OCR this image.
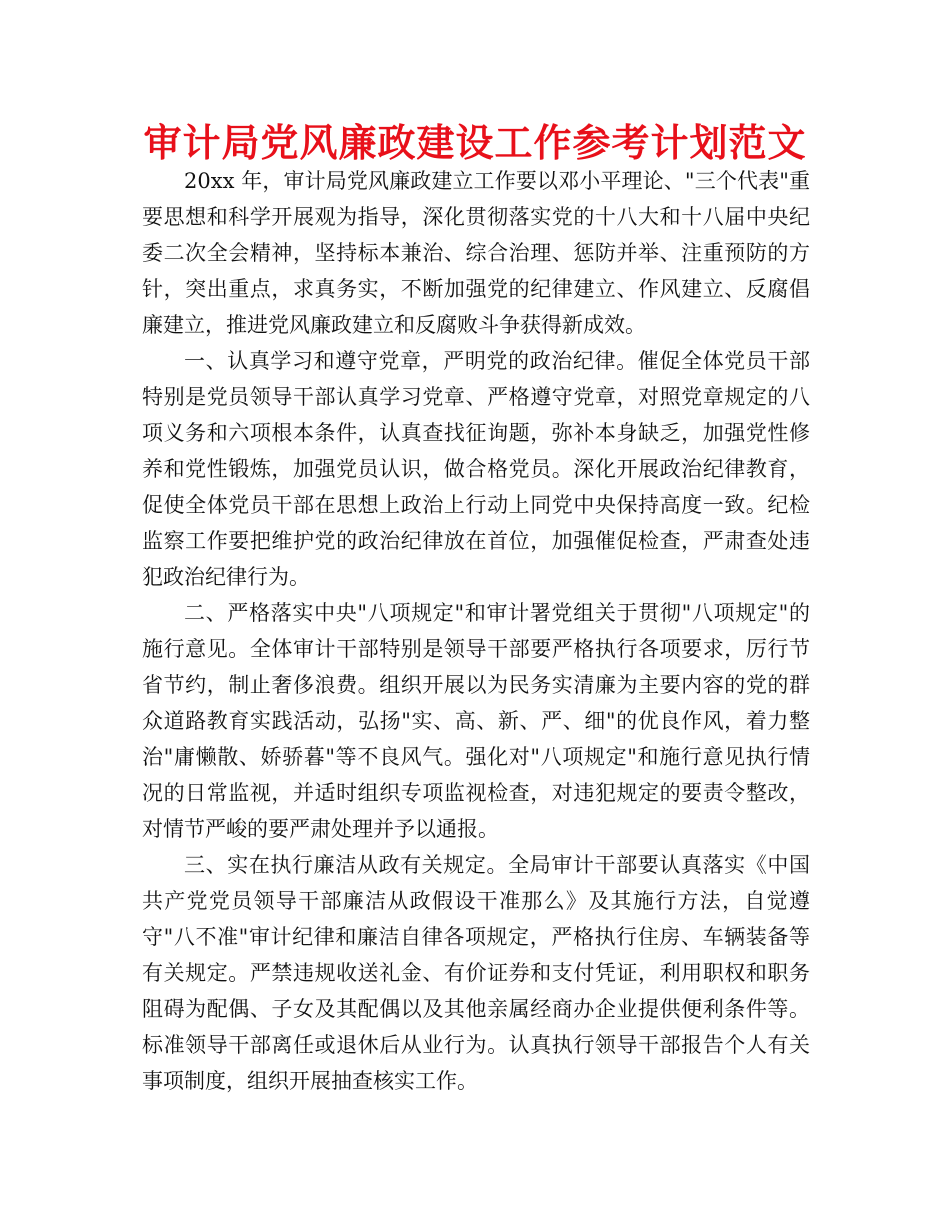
审计局党风廉政建设工作参考计划范文

20xx 年，审计局党风廉政建立工作要以邓小平理论、"三个代表"重要思想和科学开展观为指导，深化贯彻落实党的十八大和十八届中央纪委二次全会精神，坚持标本兼治、综合治理、惩防并举、注重预防的方针，突出重点，求真务实，不断加强党的纪律建立、作风建立、反腐倡廉建立，推进党风廉政建立和反腐败斗争获得新成效。

一、认真学习和遵守党章，严明党的政治纪律。催促全体党员干部特别是党员领导干部认真学习党章、严格遵守党章，对照党章规定的八项义务和六项根本条件，认真查找征询题，弥补本身缺乏，加强党性修养和党性锻炼，加强党员认识，做合格党员。深化开展政治纪律教育，促使全体党员干部在思想上政治上行动上同党中央保持高度一致。纪检监察工作要把维护党的政治纪律放在首位，加强催促检查，严肃查处违犯政治纪律行为。

二、严格落实中央"八项规定"和审计署党组关于贯彻"八项规定"的施行意见。全体审计干部特别是领导干部要严格执行各项要求，厉行节省节约，制止奢侈浪费。组织开展以为民务实清廉为主要内容的党的群众道路教育实践活动，弘扬"实、高、新、严、细"的优良作风，着力整治"庸懒散、娇骄暮"等不良风气。强化对"八项规定"和施行意见执行情况的日常监视，并适时组织专项监视检查，对违犯规定的要责令整改，对情节严峻的要严肃处理并予以通报。

三、实在执行廉洁从政有关规定。全局审计干部要认真落实《中国共产党党员领导干部廉洁从政假设干准那么》及其施行方法，自觉遵守"八不准"审计纪律和廉洁自律各项规定，严格执行住房、车辆装备等有关规定。严禁违规收送礼金、有价证券和支付凭证，利用职权和职务阻碍为配偶、子女及其配偶以及其他亲属经商办企业提供便利条件等。标准领导干部离任或退休后从业行为。认真执行领导干部报告个人有关事项制度，组织开展抽查核实工作。
